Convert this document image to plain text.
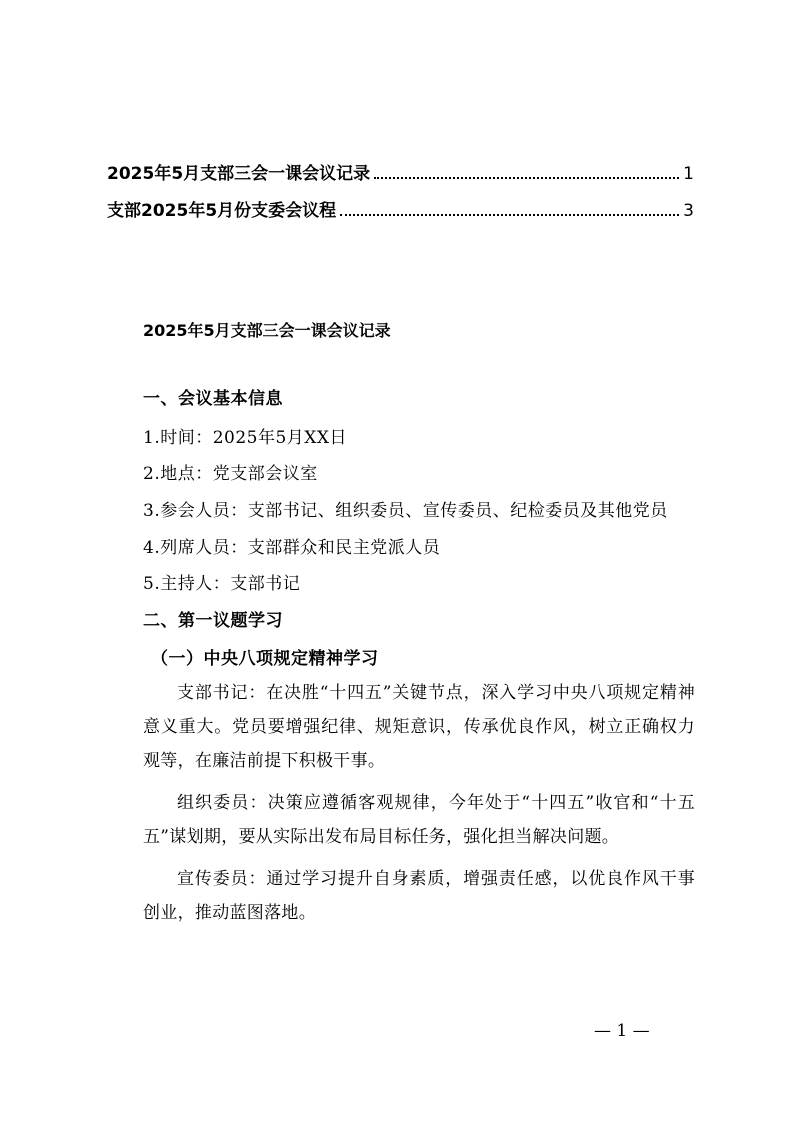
2025年5月支部三会一课会议记录	1
支部2025年5月份支委会议程	3
2025年5月支部三会一课会议记录
一、会议基本信息
1.时间：2025年5月XX日
2.地点：党支部会议室
3.参会人员：支部书记、组织委员、宣传委员、纪检委员及其他党员
4.列席人员：支部群众和民主党派人员
5.主持人：支部书记
二、第一议题学习
（一）中央八项规定精神学习
支部书记：在决胜“十四五”关键节点，深入学习中央八项规定精神意义重大。党员要增强纪律、规矩意识，传承优良作风，树立正确权力观等，在廉洁前提下积极干事。
组织委员：决策应遵循客观规律，今年处于“十四五”收官和“十五五”谋划期，要从实际出发布局目标任务，强化担当解决问题。
宣传委员：通过学习提升自身素质，增强责任感，以优良作风干事创业，推动蓝图落地。
— 1 —
